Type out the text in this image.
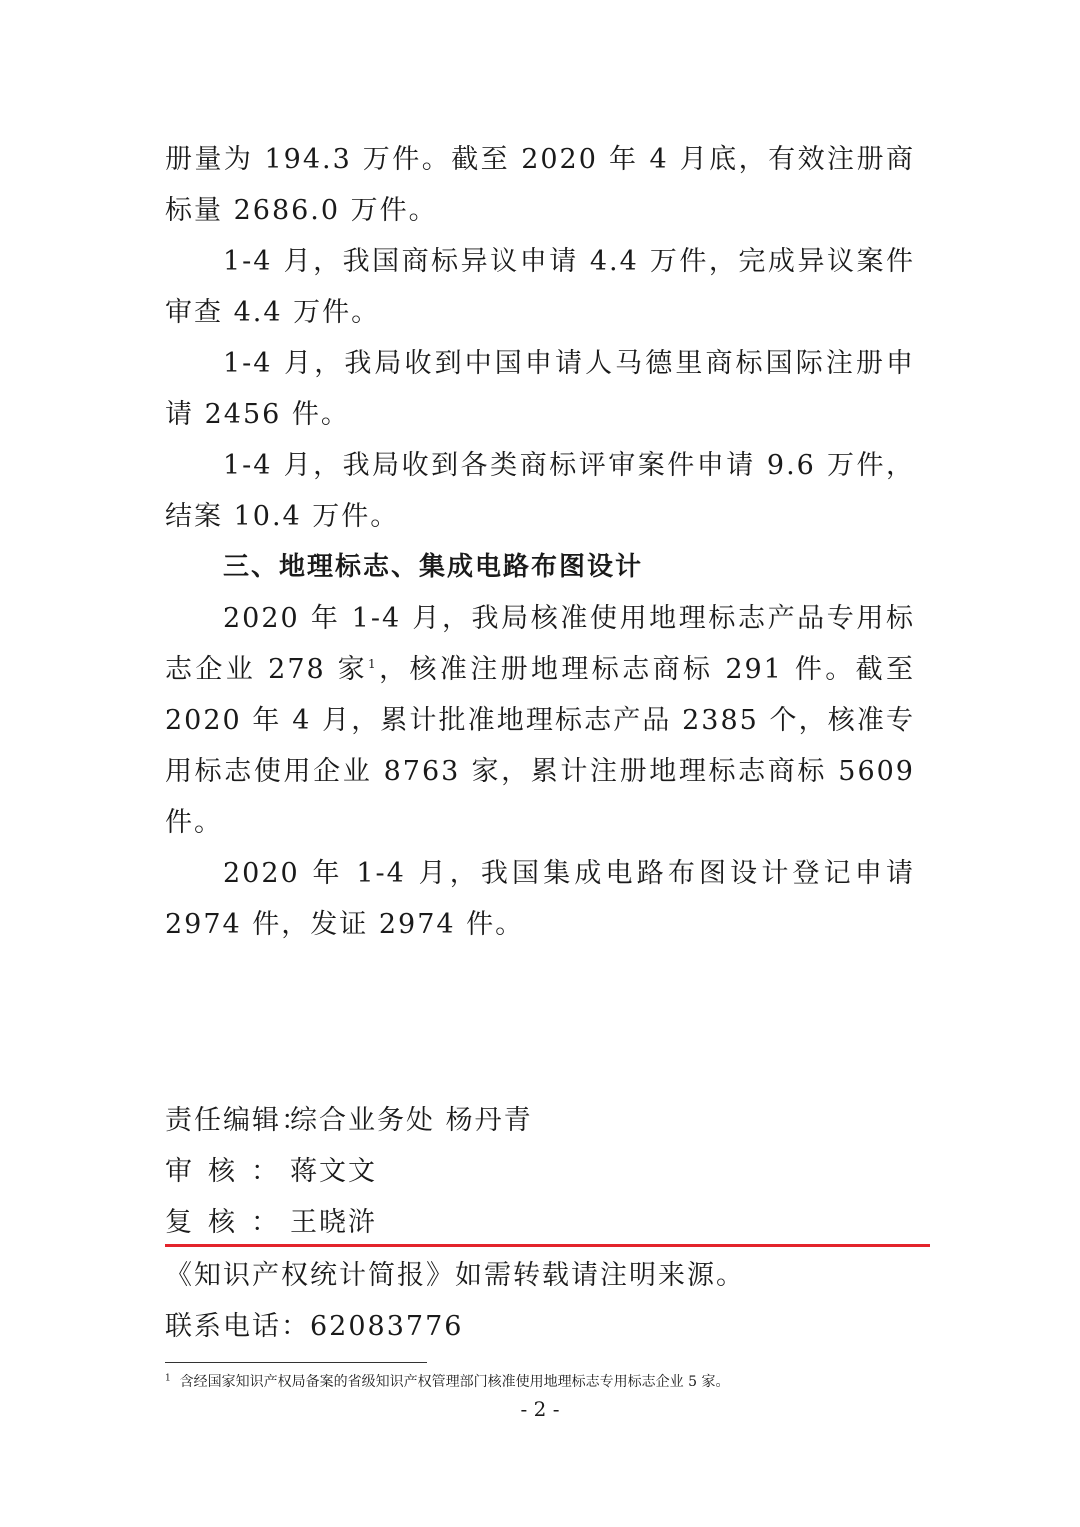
册量为 194.3 万件。截至 2020 年 4 月底，有效注册商标量 2686.0 万件。

1-4 月，我国商标异议申请 4.4 万件，完成异议案件审查 4.4 万件。

1-4 月，我局收到中国申请人马德里商标国际注册申请 2456 件。

1-4 月，我局收到各类商标评审案件申请 9.6 万件，结案 10.4 万件。

三、地理标志、集成电路布图设计

2020 年 1-4 月，我局核准使用地理标志产品专用标志企业 278 家$^1$，核准注册地理标志商标 291 件。截至 2020 年 4 月，累计批准地理标志产品 2385 个，核准专用标志使用企业 8763 家，累计注册地理标志商标 5609 件。

2020 年 1-4 月，我国集成电路布图设计登记申请 2974 件，发证 2974 件。

责任编辑：综合业务处 杨丹青
审核：蒋文文
复核：王晓浒
《知识产权统计简报》如需转载请注明来源。
联系电话：62083776
$^1$ 含经国家知识产权局备案的省级知识产权管理部门核准使用地理标志专用标志企业 5 家。
- 2 -
